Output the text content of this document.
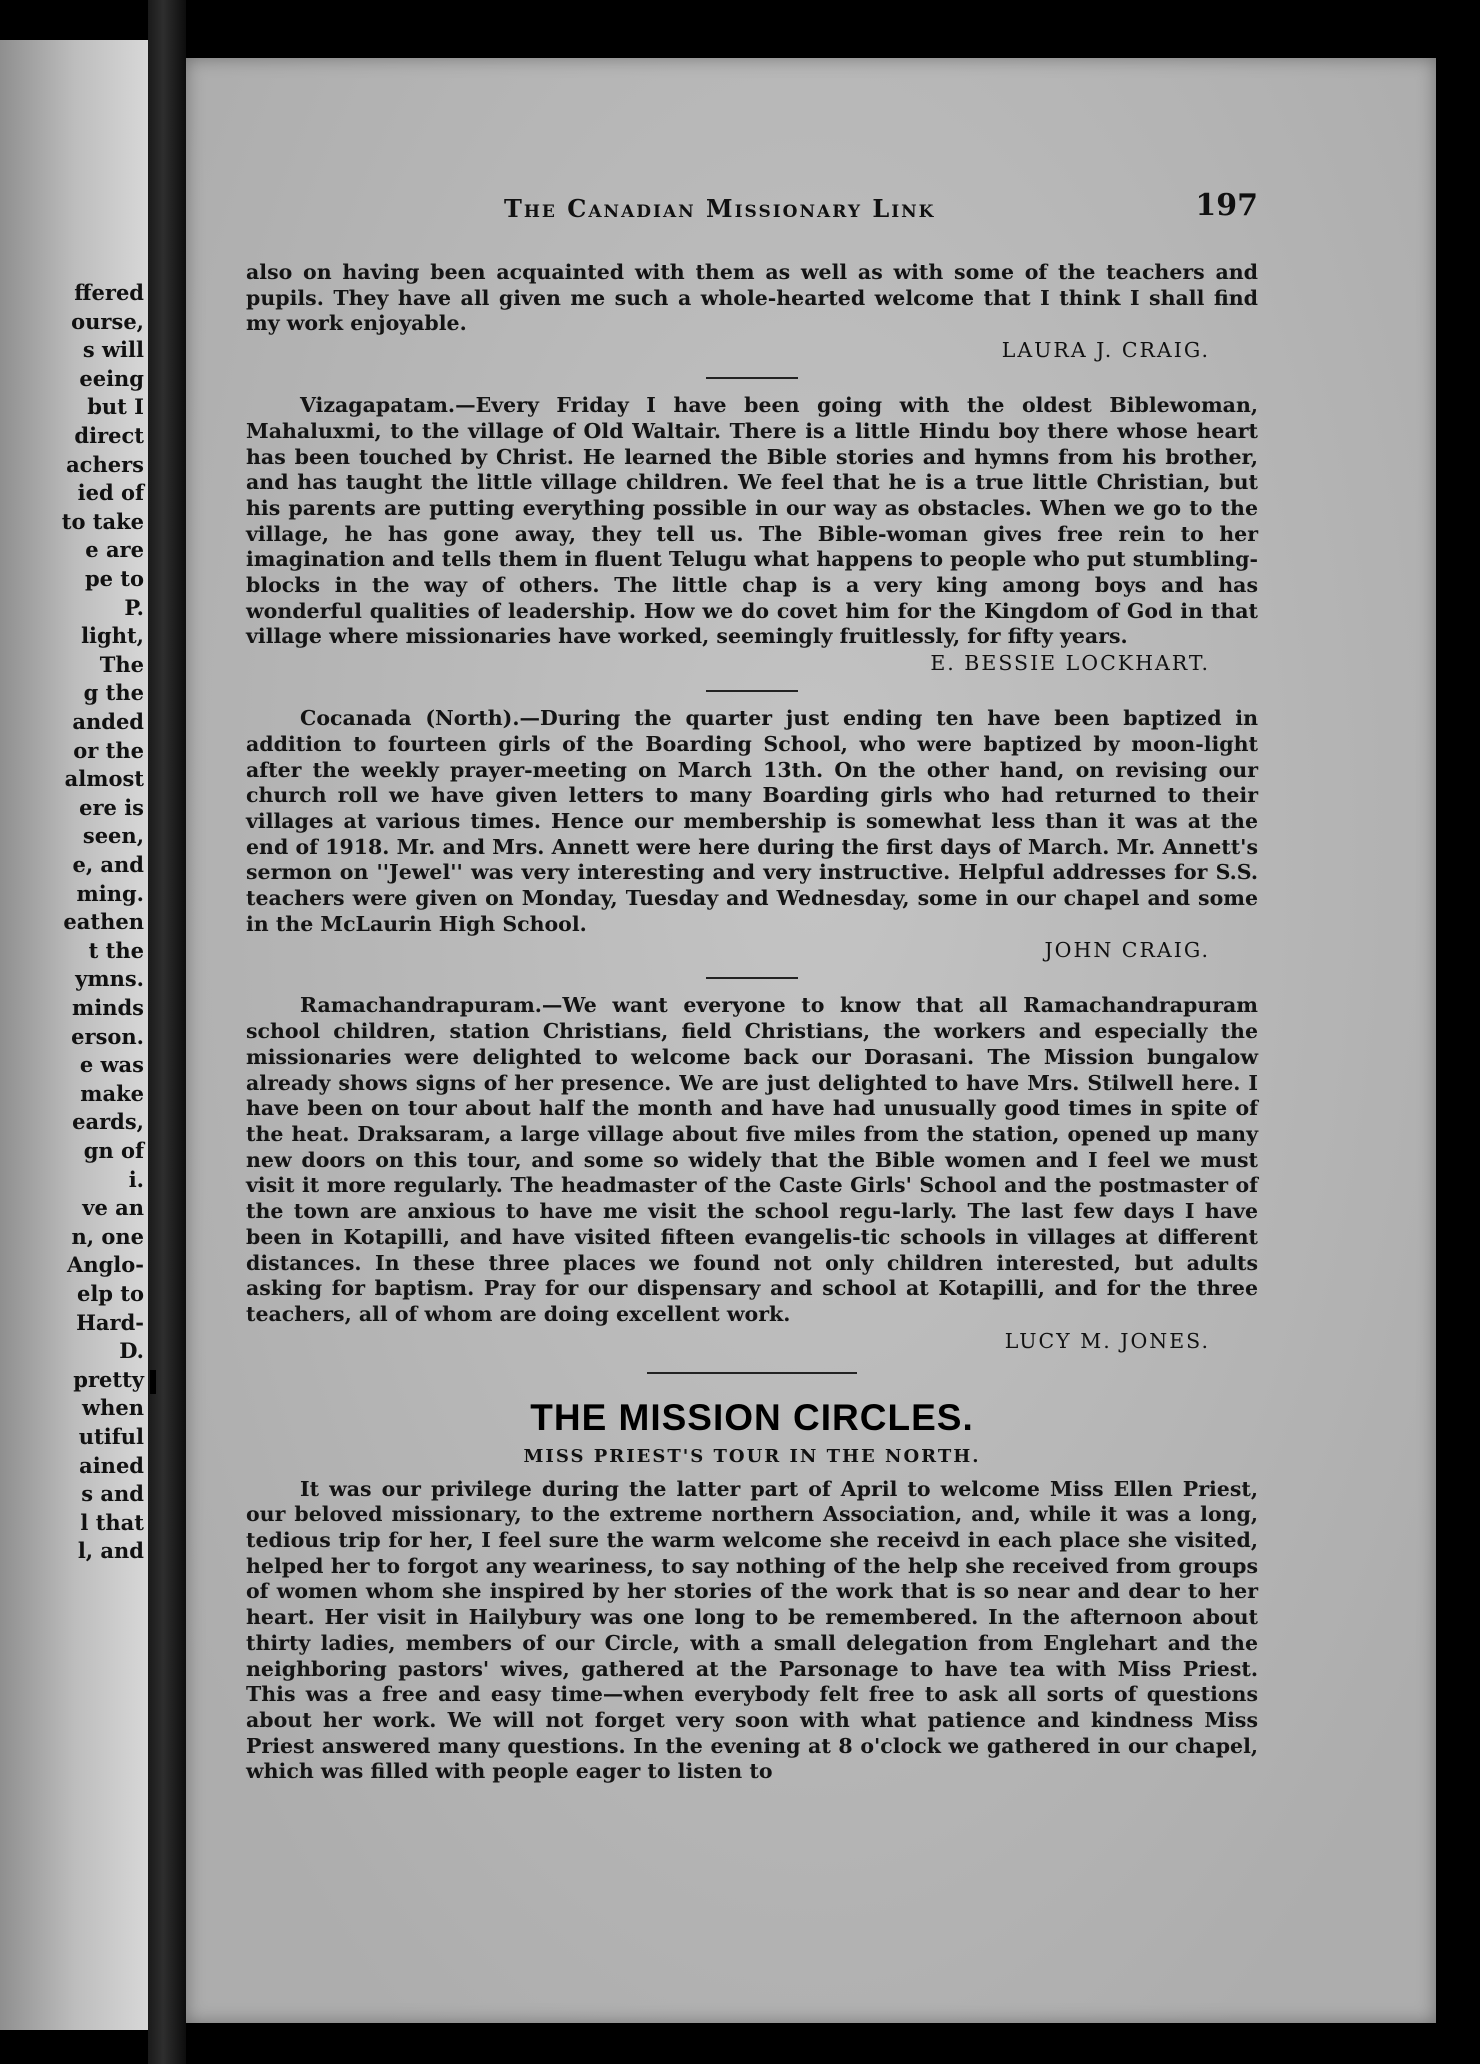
ffered
ourse,
s will
eeing
but I
direct
achers
ied of
to take
e are
pe to
P.
light,
The
g the
anded
or the
almost
ere is
seen,
e, and
ming.
eathen
t the
ymns.
minds
erson.
e was
make
eards,
gn of
i.
ve an
n, one
Anglo-
elp to
Hard-
D.
pretty
when
utiful
ained
s and
l that
l, and
The Canadian Missionary Link	197

also on having been acquainted with them as well as with some of the teachers and pupils. They have all given me such a whole-hearted welcome that I think I shall find my work enjoyable.

LAURA J. CRAIG.

Vizagapatam.—Every Friday I have been going with the oldest Biblewoman, Mahaluxmi, to the village of Old Waltair. There is a little Hindu boy there whose heart has been touched by Christ. He learned the Bible stories and hymns from his brother, and has taught the little village children. We feel that he is a true little Christian, but his parents are putting everything possible in our way as obstacles. When we go to the village, he has gone away, they tell us. The Bible-woman gives free rein to her imagination and tells them in fluent Telugu what happens to people who put stumbling-blocks in the way of others. The little chap is a very king among boys and has wonderful qualities of leadership. How we do covet him for the Kingdom of God in that village where missionaries have worked, seemingly fruitlessly, for fifty years.

E. BESSIE LOCKHART.

Cocanada (North).—During the quarter just ending ten have been baptized in addition to fourteen girls of the Boarding School, who were baptized by moon-light after the weekly prayer-meeting on March 13th. On the other hand, on revising our church roll we have given letters to many Boarding girls who had returned to their villages at various times. Hence our membership is somewhat less than it was at the end of 1918. Mr. and Mrs. Annett were here during the first days of March. Mr. Annett's sermon on ''Jewel'' was very interesting and very instructive. Helpful addresses for S.S. teachers were given on Monday, Tuesday and Wednesday, some in our chapel and some in the McLaurin High School.

JOHN CRAIG.

Ramachandrapuram.—We want everyone to know that all Ramachandrapuram school children, station Christians, field Christians, the workers and especially the missionaries were delighted to welcome back our Dorasani. The Mission bungalow already shows signs of her presence. We are just delighted to have Mrs. Stilwell here. I have been on tour about half the month and have had unusually good times in spite of the heat. Draksaram, a large village about five miles from the station, opened up many new doors on this tour, and some so widely that the Bible women and I feel we must visit it more regularly. The headmaster of the Caste Girls' School and the postmaster of the town are anxious to have me visit the school regu-larly. The last few days I have been in Kotapilli, and have visited fifteen evangelis-tic schools in villages at different distances. In these three places we found not only children interested, but adults asking for baptism. Pray for our dispensary and school at Kotapilli, and for the three teachers, all of whom are doing excellent work.

LUCY M. JONES.

THE MISSION CIRCLES.
MISS PRIEST'S TOUR IN THE NORTH.

It was our privilege during the latter part of April to welcome Miss Ellen Priest, our beloved missionary, to the extreme northern Association, and, while it was a long, tedious trip for her, I feel sure the warm welcome she receivd in each place she visited, helped her to forgot any weariness, to say nothing of the help she received from groups of women whom she inspired by her stories of the work that is so near and dear to her heart. Her visit in Hailybury was one long to be remembered. In the afternoon about thirty ladies, members of our Circle, with a small delegation from Englehart and the neighboring pastors' wives, gathered at the Parsonage to have tea with Miss Priest. This was a free and easy time—when everybody felt free to ask all sorts of questions about her work. We will not forget very soon with what patience and kindness Miss Priest answered many questions. In the evening at 8 o'clock we gathered in our chapel, which was filled with people eager to listen to
